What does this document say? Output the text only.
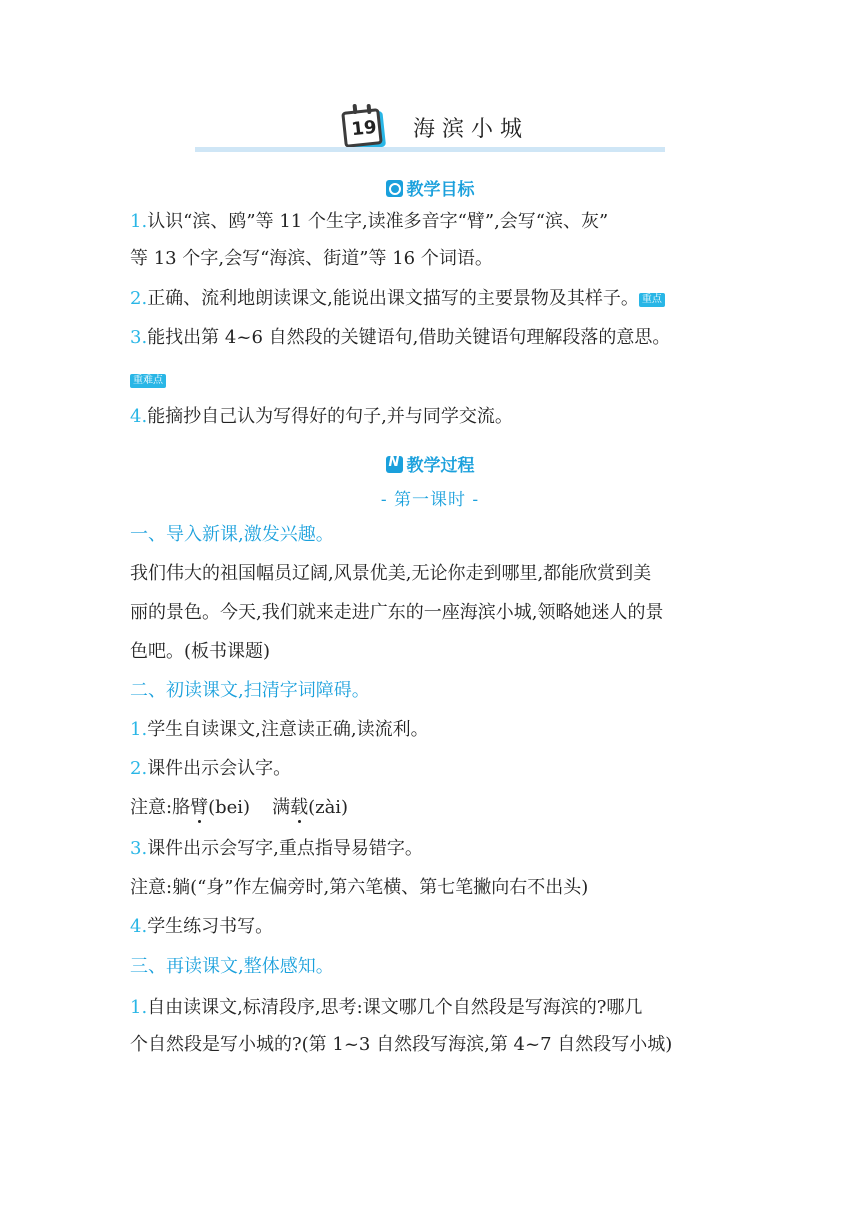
19 海滨小城
教学目标
1.认识“滨、鸥”等 11 个生字,读准多音字“臂”,会写“滨、灰”
等 13 个字,会写“海滨、街道”等 16 个词语。
2.正确、流利地朗读课文,能说出课文描写的主要景物及其样子。 重点
3.能找出第 4~6 自然段的关键语句,借助关键语句理解段落的意思。
重难点
4.能摘抄自己认为写得好的句子,并与同学交流。
N 教学过程
- 第一课时 -
一、导入新课,激发兴趣。
我们伟大的祖国幅员辽阔,风景优美,无论你走到哪里,都能欣赏到美
丽的景色。今天,我们就来走进广东的一座海滨小城,领略她迷人的景
色吧。(板书课题)
二、初读课文,扫清字词障碍。
1.学生自读课文,注意读正确,读流利。
2.课件出示会认字。
注意:胳臂(bei) 满载(zài)
3.课件出示会写字,重点指导易错字。
注意:躺(“身”作左偏旁时,第六笔横、第七笔撇向右不出头)
4.学生练习书写。
三、再读课文,整体感知。
1.自由读课文,标清段序,思考:课文哪几个自然段是写海滨的?哪几
个自然段是写小城的?(第 1~3 自然段写海滨,第 4~7 自然段写小城)
